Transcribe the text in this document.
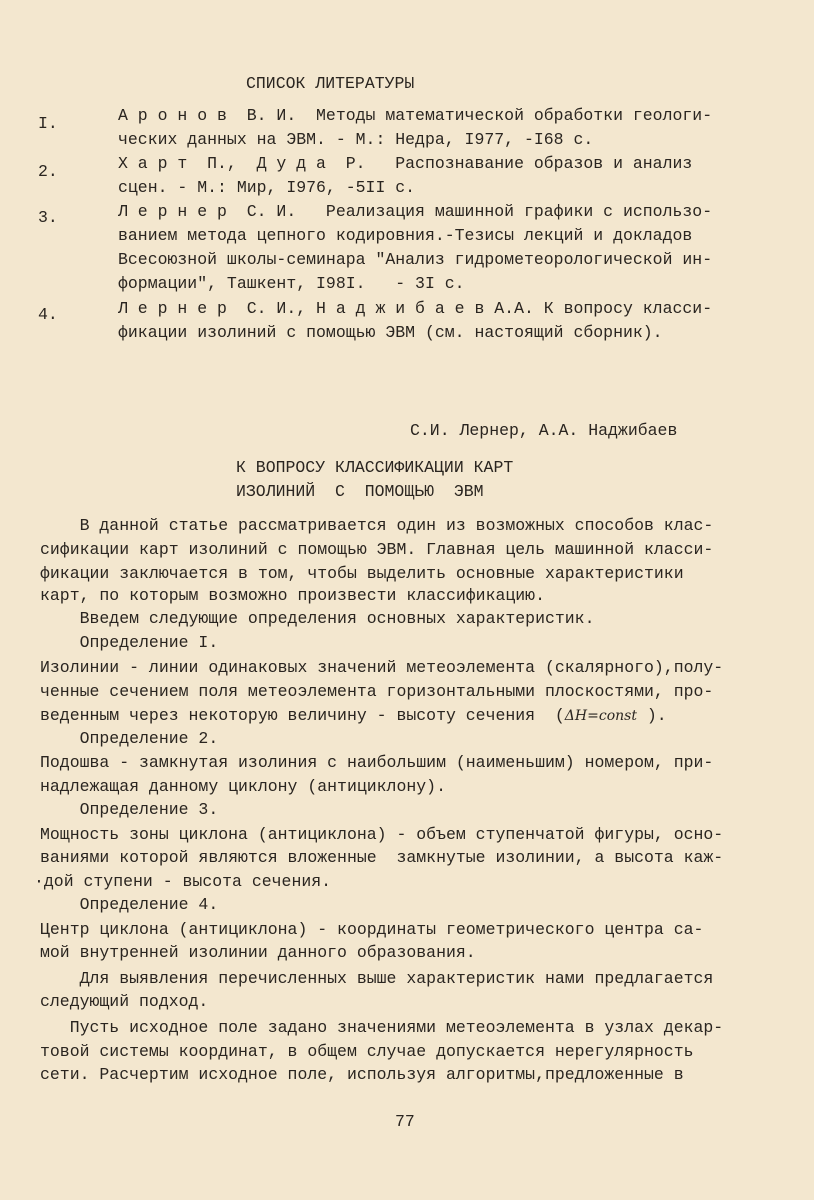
СПИСОК ЛИТЕРАТУРЫ
I.	А р о н о в  В. И.  Методы математической обработки геологи-
ческих данных на ЭВМ. - М.: Недра, I977, -I68 с.
2.	Х а р т  П.,  Д у д а  Р.   Распознавание образов и анализ
сцен. - М.: Мир, I976, -5II с.
3.	Л е р н е р  С. И.   Реализация машинной графики с использо-
ванием метода цепного кодировния.-Тезисы лекций и докладов
Всесоюзной школы-семинара "Анализ гидрометеорологической ин-
формации", Ташкент, I98I.   - 3I с.
4.	Л е р н е р  С. И., Н а д ж и б а е в А.А. К вопросу класси-
фикации изолиний с помощью ЭВМ (см. настоящий сборник).
С.И. Лернер, А.А. Наджибаев
К ВОПРОСУ КЛАССИФИКАЦИИ КАРТ
ИЗОЛИНИЙ  С  ПОМОЩЬЮ  ЭВМ
В данной статье рассматривается один из возможных способов клас-
сификации карт изолиний с помощью ЭВМ. Главная цель машинной класси-
фикации заключается в том, чтобы выделить основные характеристики
карт, по которым возможно произвести классификацию.
Введем следующие определения основных характеристик.
Определение I.
Изолинии - линии одинаковых значений метеоэлемента (скалярного),полу-
ченные сечением поля метеоэлемента горизонтальными плоскостями, про-
веденным через некоторую величину - высоту сечения  (ΔH=const ).
Определение 2.
Подошва - замкнутая изолиния с наибольшим (наименьшим) номером, при-
надлежащая данному циклону (антициклону).
Определение 3.
Мощность зоны циклона (антициклона) - объем ступенчатой фигуры, осно-
ваниями которой являются вложенные  замкнутые изолинии, а высота каж-
·дой ступени - высота сечения.
Определение 4.
Центр циклона (антициклона) - координаты геометрического центра са-
мой внутренней изолинии данного образования.
Для выявления перечисленных выше характеристик нами предлагается
следующий подход.
Пусть исходное поле задано значениями метеоэлемента в узлах декар-
товой системы координат, в общем случае допускается нерегулярность
сети. Расчертим исходное поле, используя алгоритмы,предложенные в
77
